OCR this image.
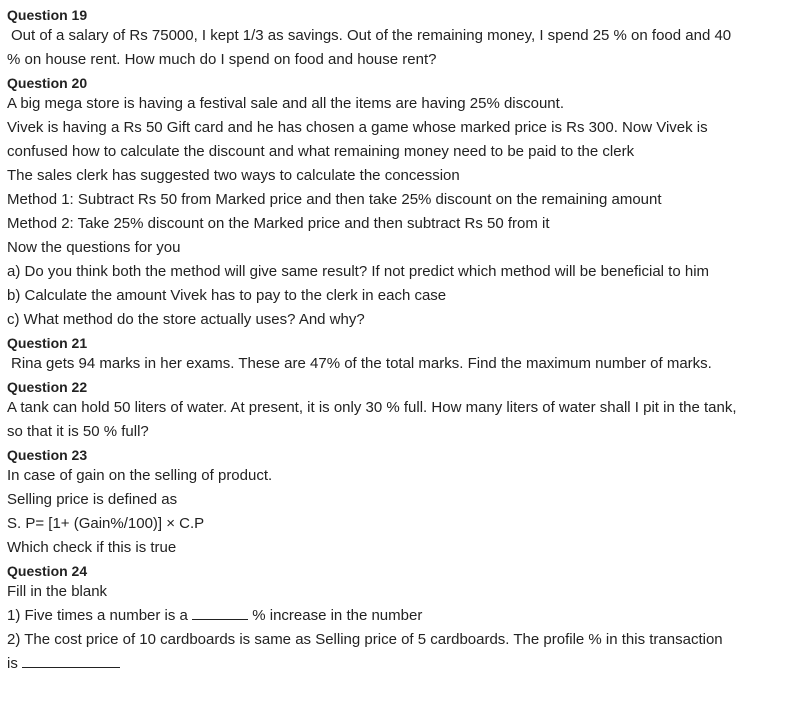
Question 19

Out of a salary of Rs 75000, I kept 1/3 as savings. Out of the remaining money, I spend 25 % on food and 40

% on house rent. How much do I spend on food and house rent?

Question 20

A big mega store is having a festival sale and all the items are having 25% discount.

Vivek is having a Rs 50 Gift card and he has chosen a game whose marked price is Rs 300. Now Vivek is

confused how to calculate the discount and what remaining money need to be paid to the clerk

The sales clerk has suggested two ways to calculate the concession

Method 1: Subtract Rs 50 from Marked price and then take 25% discount on the remaining amount

Method 2: Take 25% discount on the Marked price and then subtract Rs 50 from it

Now the questions for you

a) Do you think both the method will give same result? If not predict which method will be beneficial to him

b) Calculate the amount Vivek has to pay to the clerk in each case

c) What method do the store actually uses? And why?

Question 21

Rina gets 94 marks in her exams. These are 47% of the total marks. Find the maximum number of marks.

Question 22

A tank can hold 50 liters of water. At present, it is only 30 % full. How many liters of water shall I pit in the tank,

so that it is 50 % full?

Question 23

In case of gain on the selling of product.

Selling price is defined as

S. P= [1+ (Gain%/100)] × C.P

Which check if this is true

Question 24

Fill in the blank

1) Five times a number is a	% increase in the number

2) The cost price of 10 cardboards is same as Selling price of 5 cardboards. The profile % in this transaction

is
